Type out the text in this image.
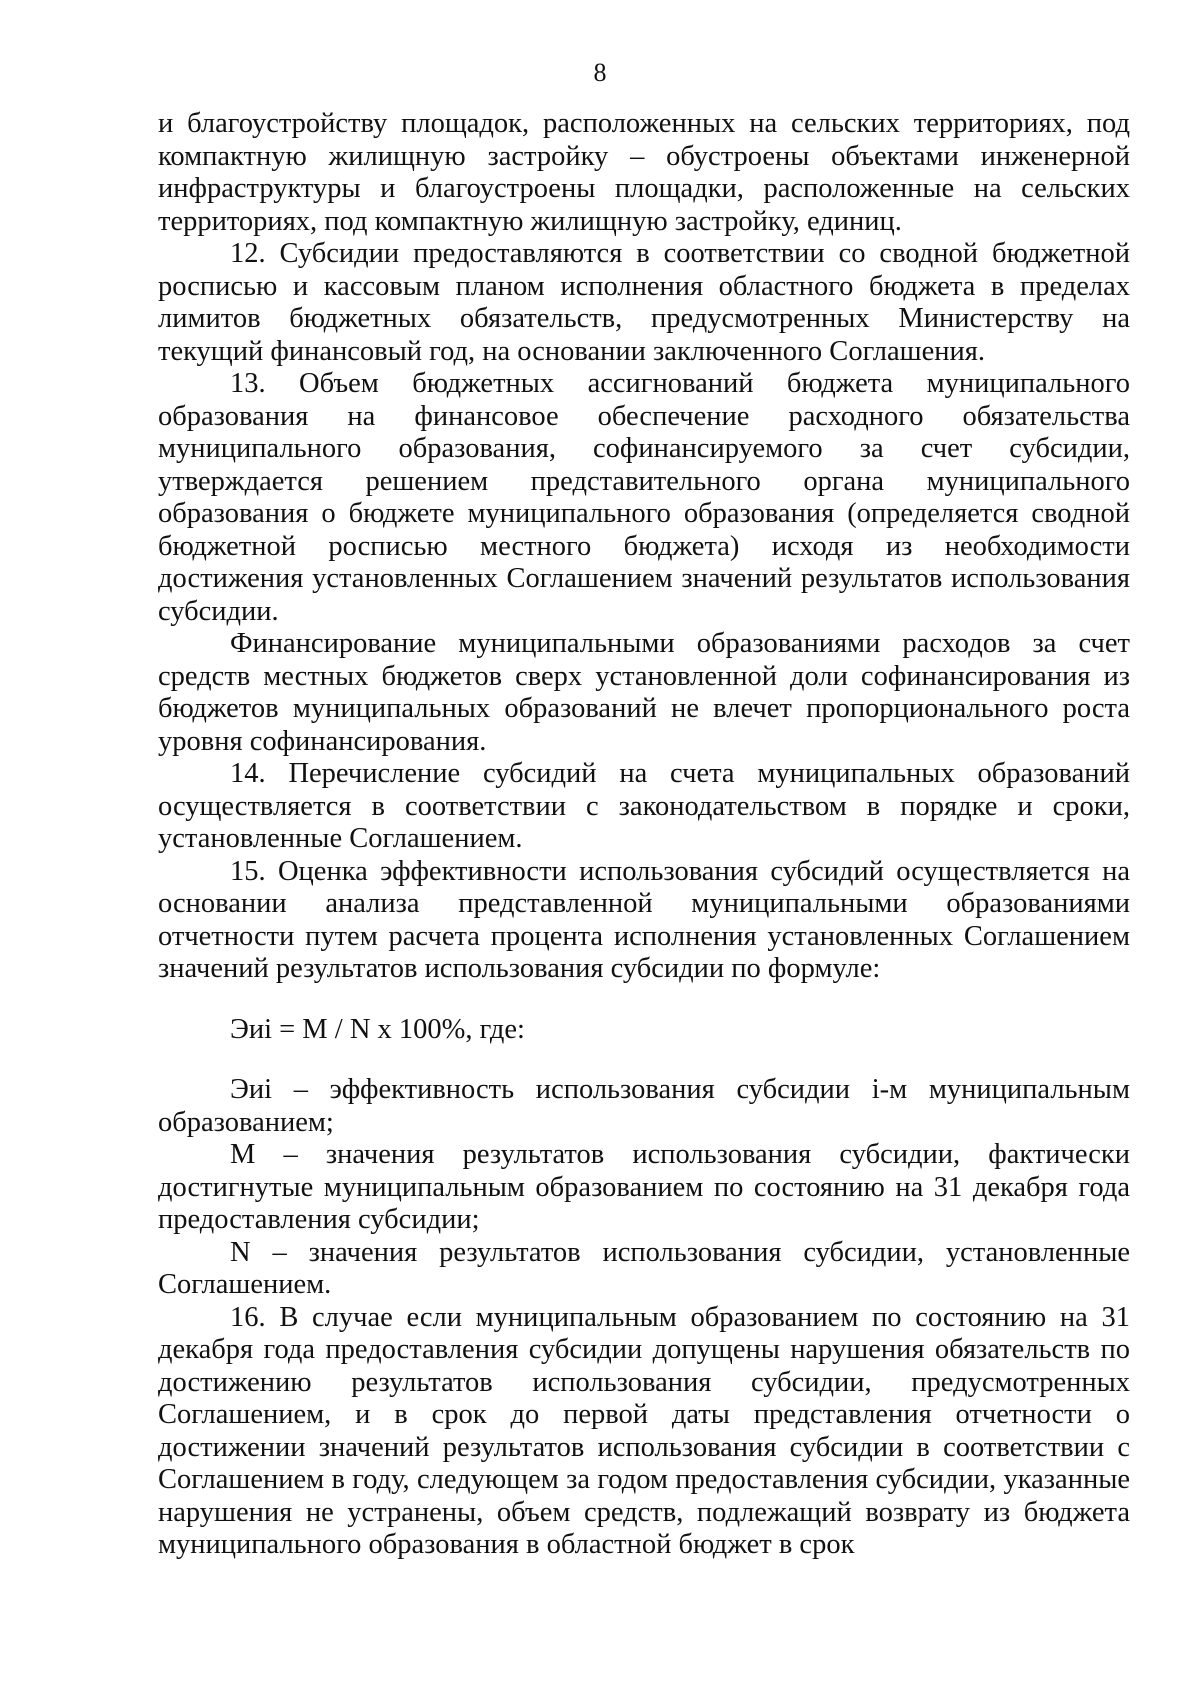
8

и благоустройству площадок, расположенных на сельских территориях, под компактную жилищную застройку – обустроены объектами инженерной инфраструктуры и благоустроены площадки, расположенные на сельских территориях, под компактную жилищную застройку, единиц.

12. Субсидии предоставляются в соответствии со сводной бюджетной росписью и кассовым планом исполнения областного бюджета в пределах лимитов бюджетных обязательств, предусмотренных Министерству на текущий финансовый год, на основании заключенного Соглашения.

13. Объем бюджетных ассигнований бюджета муниципального образования на финансовое обеспечение расходного обязательства муниципального образования, софинансируемого за счет субсидии, утверждается решением представительного органа муниципального образования о бюджете муниципального образования (определяется сводной бюджетной росписью местного бюджета) исходя из необходимости достижения установленных Соглашением значений результатов использования субсидии.

Финансирование муниципальными образованиями расходов за счет средств местных бюджетов сверх установленной доли софинансирования из бюджетов муниципальных образований не влечет пропорционального роста уровня софинансирования.

14. Перечисление субсидий на счета муниципальных образований осуществляется в соответствии с законодательством в порядке и сроки, установленные Соглашением.

15. Оценка эффективности использования субсидий осуществляется на основании анализа представленной муниципальными образованиями отчетности путем расчета процента исполнения установленных Соглашением значений результатов использования субсидии по формуле:

Эиі = M / N x 100%, где:

Эиі – эффективность использования субсидии і-м муниципальным образованием;

M – значения результатов использования субсидии, фактически достигнутые муниципальным образованием по состоянию на 31 декабря года предоставления субсидии;

N – значения результатов использования субсидии, установленные Соглашением.

16. В случае если муниципальным образованием по состоянию на 31 декабря года предоставления субсидии допущены нарушения обязательств по достижению результатов использования субсидии, предусмотренных Соглашением, и в срок до первой даты представления отчетности о достижении значений результатов использования субсидии в соответствии с Соглашением в году, следующем за годом предоставления субсидии, указанные нарушения не устранены, объем средств, подлежащий возврату из бюджета муниципального образования в областной бюджет в срок
